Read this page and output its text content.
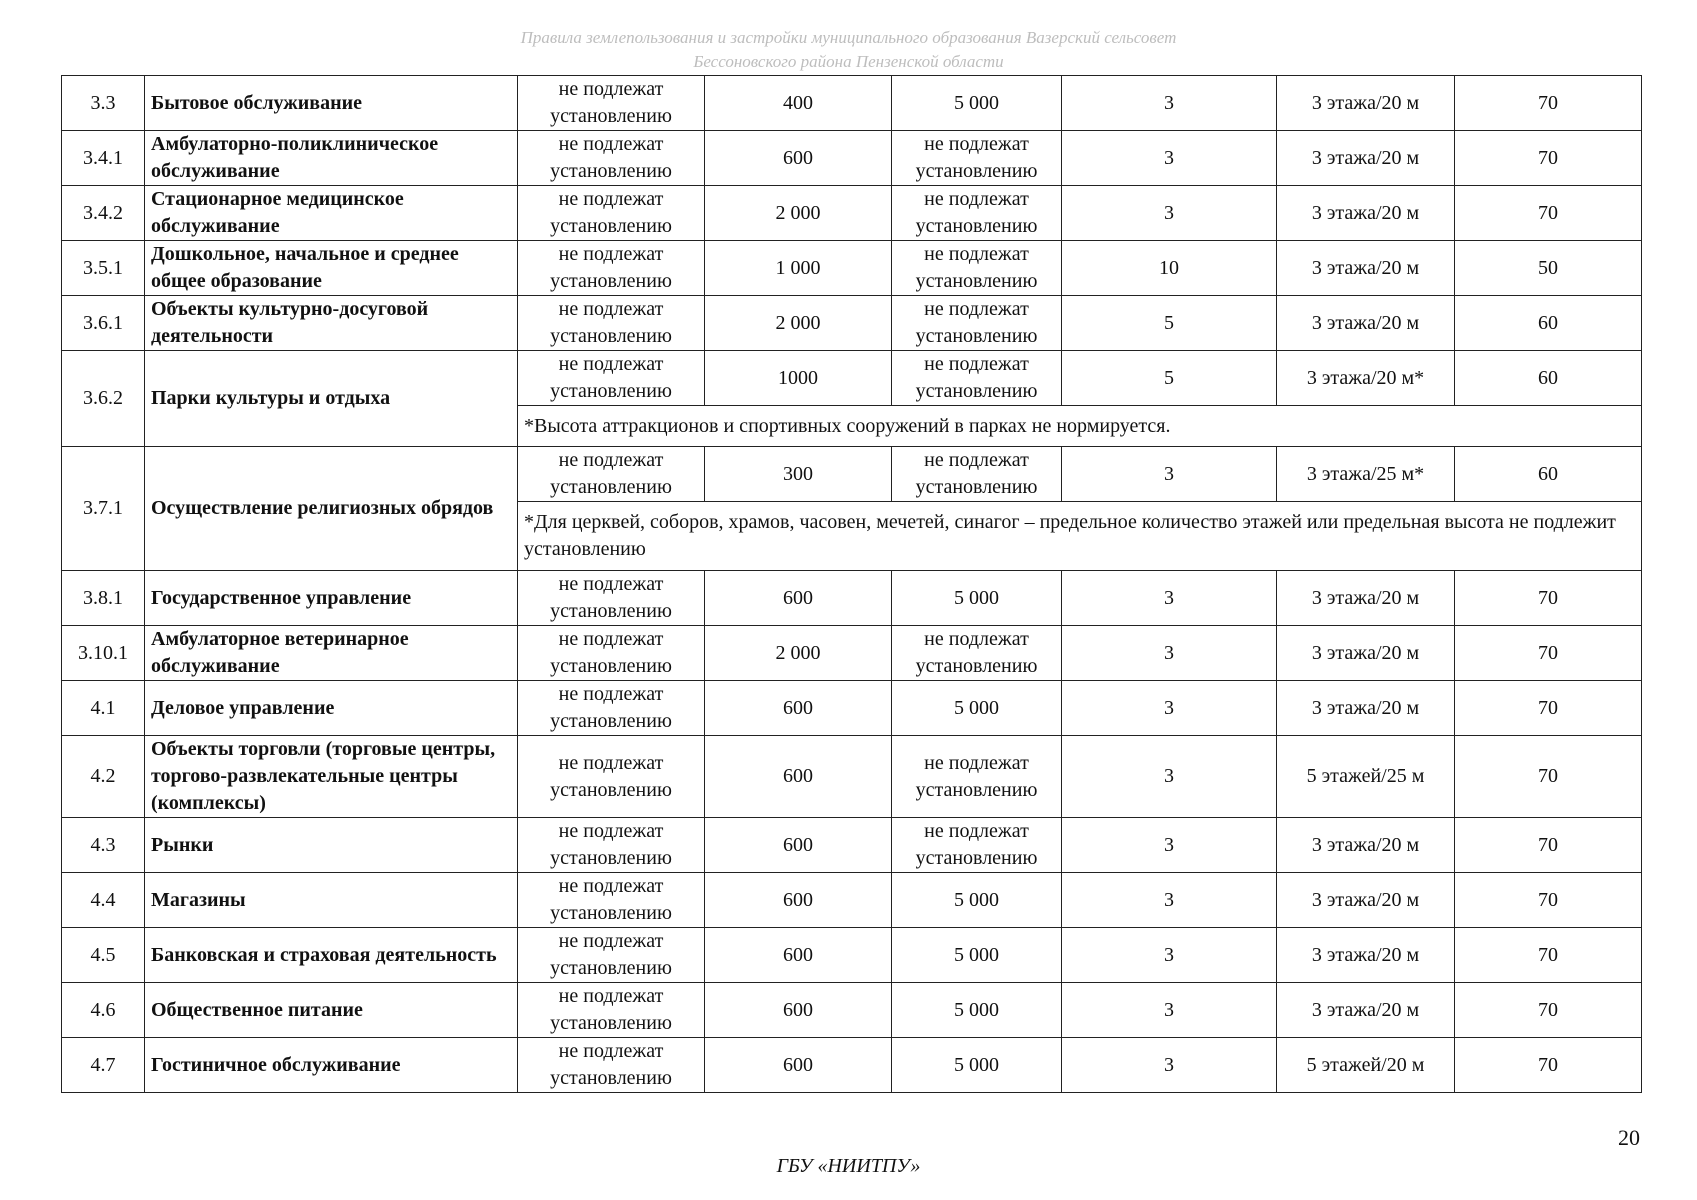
Правила землепользования и застройки муниципального образования Вазерский сельсовет
Бессоновского района Пензенской области
3.3	Бытовое обслуживание	не подлежат установлению	400	5 000	3	3 этажа/20 м	70
3.4.1	Амбулаторно-поликлиническое обслуживание	не подлежат установлению	600	не подлежат установлению	3	3 этажа/20 м	70
3.4.2	Стационарное медицинское обслуживание	не подлежат установлению	2 000	не подлежат установлению	3	3 этажа/20 м	70
3.5.1	Дошкольное, начальное и среднее общее образование	не подлежат установлению	1 000	не подлежат установлению	10	3 этажа/20 м	50
3.6.1	Объекты культурно-досуговой деятельности	не подлежат установлению	2 000	не подлежат установлению	5	3 этажа/20 м	60
3.6.2	Парки культуры и отдыха	не подлежат установлению	1000	не подлежат установлению	5	3 этажа/20 м*	60
		*Высота аттракционов и спортивных сооружений в парках не нормируется.					
3.7.1	Осуществление религиозных обрядов	не подлежат установлению	300	не подлежат установлению	3	3 этажа/25 м*	60
		*Для церквей, соборов, храмов, часовен, мечетей, синагог – предельное количество этажей или предельная высота не подлежит установлению					
3.8.1	Государственное управление	не подлежат установлению	600	5 000	3	3 этажа/20 м	70
3.10.1	Амбулаторное ветеринарное обслуживание	не подлежат установлению	2 000	не подлежат установлению	3	3 этажа/20 м	70
4.1	Деловое управление	не подлежат установлению	600	5 000	3	3 этажа/20 м	70
4.2	Объекты торговли (торговые центры, торгово-развлекательные центры (комплексы)	не подлежат установлению	600	не подлежат установлению	3	5 этажей/25 м	70
4.3	Рынки	не подлежат установлению	600	не подлежат установлению	3	3 этажа/20 м	70
4.4	Магазины	не подлежат установлению	600	5 000	3	3 этажа/20 м	70
4.5	Банковская и страховая деятельность	не подлежат установлению	600	5 000	3	3 этажа/20 м	70
4.6	Общественное питание	не подлежат установлению	600	5 000	3	3 этажа/20 м	70
4.7	Гостиничное обслуживание	не подлежат установлению	600	5 000	3	5 этажей/20 м	70
20
ГБУ «НИИТПУ»
